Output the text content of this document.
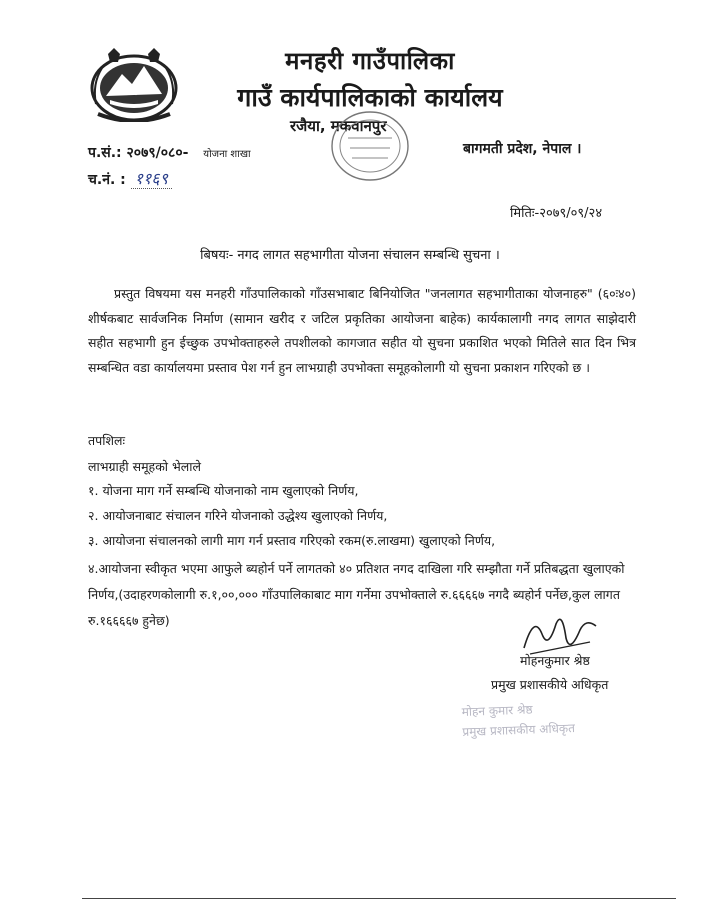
मनहरी गाउँपालिका
गाउँ कार्यपालिकाको कार्यालय
रजैया, मकवानपुर
प.सं.: २०७९/०८०- योजना शाखा	बागमती प्रदेश, नेपाल ।
च.नं. : ११६९
मितिः-२०७९/०९/२४
बिषयः- नगद लागत सहभागीता योजना संचालन सम्बन्धि सुचना ।

प्रस्तुत विषयमा यस मनहरी गाँउपालिकाको गाँउसभाबाट बिनियोजित "जनलागत सहभागीताका योजनाहरु" (६०ः४०) शीर्षकबाट सार्वजनिक निर्माण (सामान खरीद र जटिल प्रकृतिका आयोजना बाहेक) कार्यकालागी नगद लागत साझेदारी सहीत सहभागी हुन ईच्छुक उपभोक्ताहरुले तपशीलको कागजात सहीत यो सुचना प्रकाशित भएको मितिले सात दिन भित्र सम्बन्धित वडा कार्यालयमा प्रस्ताव पेश गर्न हुन लाभग्राही उपभोक्ता समूहकोलागी यो सुचना प्रकाशन गरिएको छ ।

तपशिलः
लाभग्राही समूहको भेलाले
१. योजना माग गर्ने सम्बन्धि योजनाको नाम खुलाएको निर्णय,
२. आयोजनाबाट संचालन गरिने योजनाको उद्धेश्य खुलाएको निर्णय,
३. आयोजना संचालनको लागी माग गर्न प्रस्ताव गरिएको रकम(रु.लाखमा) खुलाएको निर्णय,
४.आयोजना स्वीकृत भएमा आफुले ब्यहोर्न पर्ने लागतको ४० प्रतिशत नगद दाखिला गरि सम्झौता गर्ने प्रतिबद्धता खुलाएको निर्णय,(उदाहरणकोलागी रु.१,००,००० गाँउपालिकाबाट माग गर्नेमा उपभोक्ताले रु.६६६६७ नगदै ब्यहोर्न पर्नेछ,कुल लागत रु.१६६६६७ हुनेछ)
मोहनकुमार श्रेष्ठ
प्रमुख प्रशासकीये अधिकृत
मोहन कुमार श्रेष्ठ
प्रमुख प्रशासकीय अधिकृत
